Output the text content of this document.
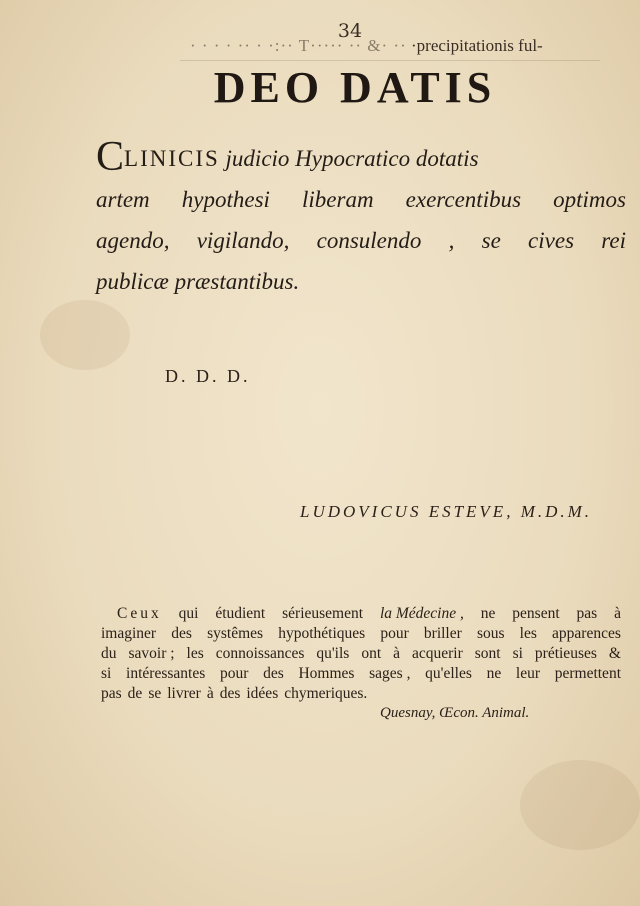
34
· · · · ·· · ·:·· T····· ·· &· ·· ·precipitationis ful-
DEO DATIS
CLINICIS judicio Hypocratico dotatis
artem hypothesi liberam exercentibus optimos
agendo, vigilando, consulendo , se cives rei
publicæ præstantibus.
D. D. D.
LUDOVICUS ESTEVE, M.D.M.
Ceux qui étudient sérieusement la Médecine , ne pensent pas à
imaginer des systêmes hypothétiques pour briller sous les apparences
du savoir ; les connoissances qu'ils ont à acquerir sont si prétieuses &
si intéressantes pour des Hommes sages , qu'elles ne leur permettent
pas de se livrer à des idées chymeriques.
Quesnay, Œcon. Animal.
